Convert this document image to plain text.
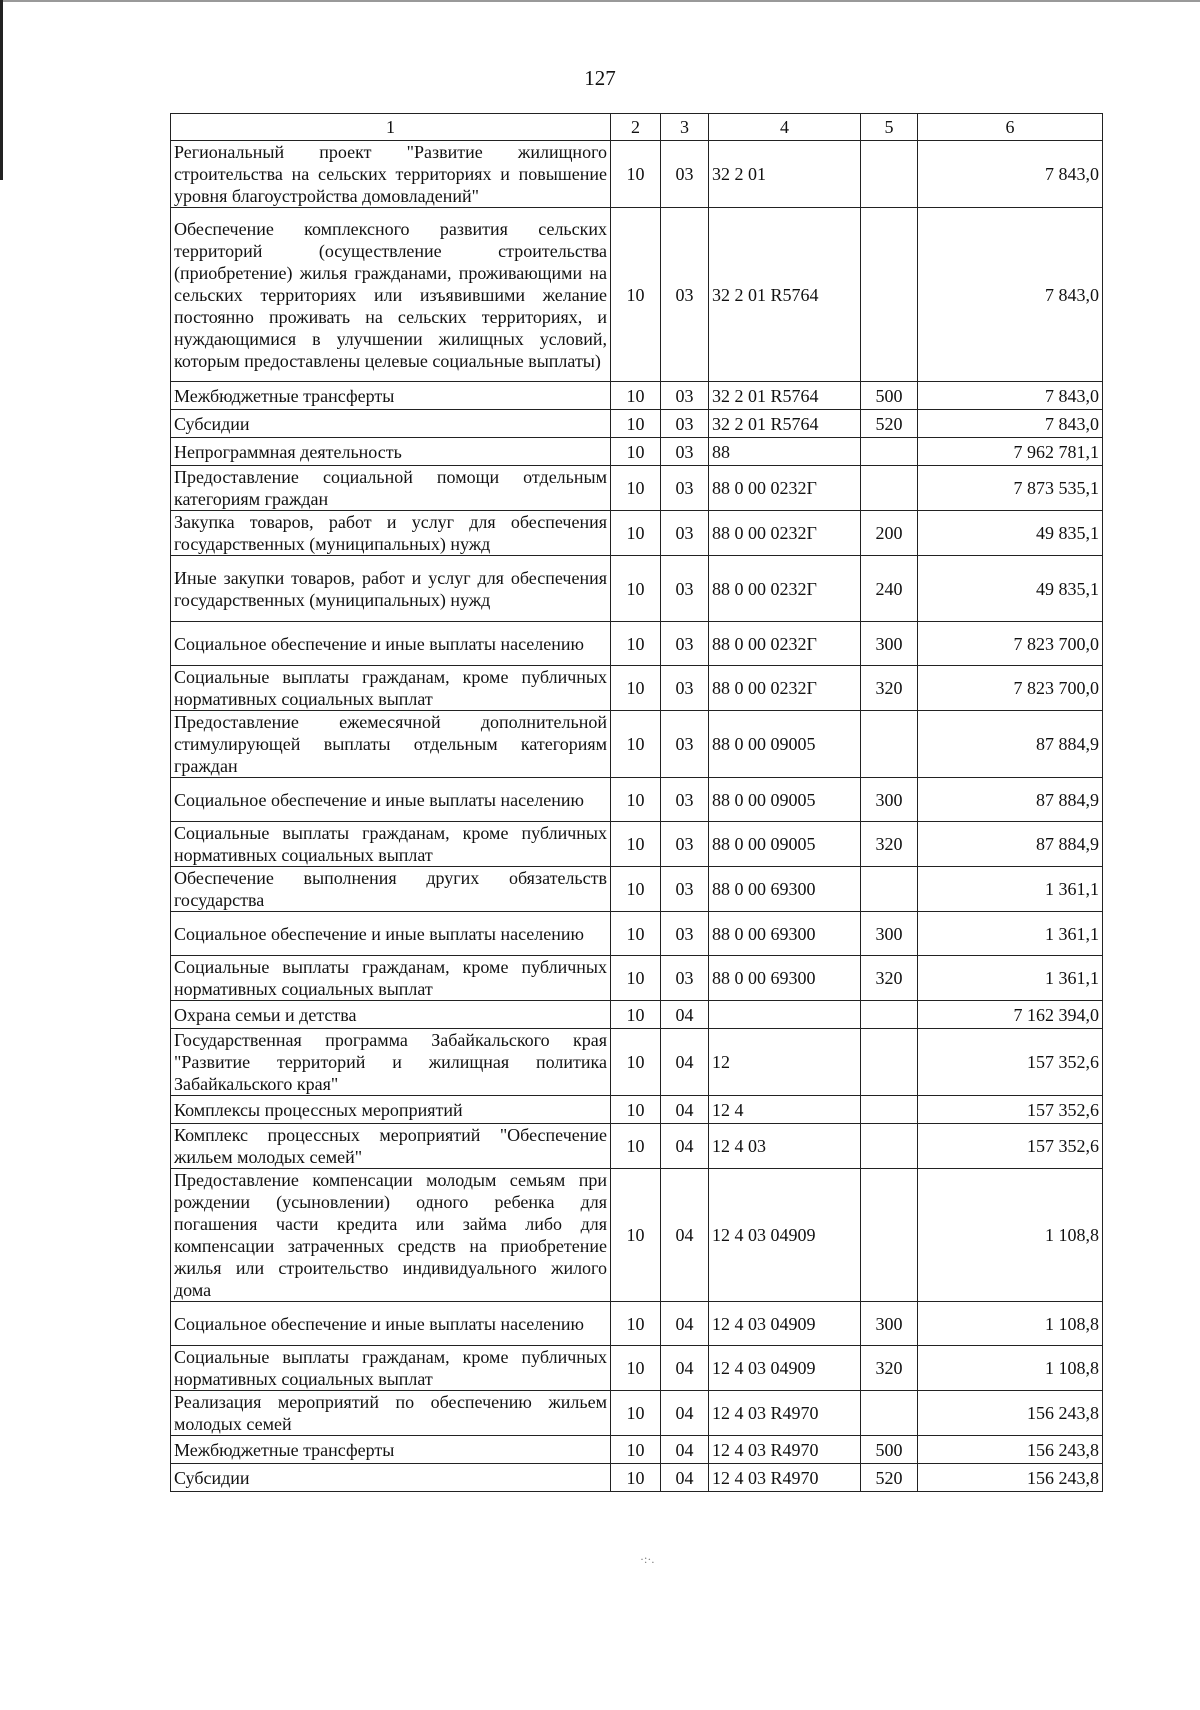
127
1	2	3	4	5	6
Региональный проект "Развитие жилищного строительства на сельских территориях и повышение уровня благоустройства домовладений"	10	03	32 2 01		7 843,0
Обеспечение комплексного развития сельских территорий (осуществление строительства (приобретение) жилья гражданами, проживающими на сельских территориях или изъявившими желание постоянно проживать на сельских территориях, и нуждающимися в улучшении жилищных условий, которым предоставлены целевые социальные выплаты)	10	03	32 2 01 R5764		7 843,0
Межбюджетные трансферты	10	03	32 2 01 R5764	500	7 843,0
Субсидии	10	03	32 2 01 R5764	520	7 843,0
Непрограммная деятельность	10	03	88		7 962 781,1
Предоставление социальной помощи отдельным категориям граждан	10	03	88 0 00 0232Г		7 873 535,1
Закупка товаров, работ и услуг для обеспечения государственных (муниципальных) нужд	10	03	88 0 00 0232Г	200	49 835,1
Иные закупки товаров, работ и услуг для обеспечения государственных (муниципальных) нужд	10	03	88 0 00 0232Г	240	49 835,1
Социальное обеспечение и иные выплаты населению	10	03	88 0 00 0232Г	300	7 823 700,0
Социальные выплаты гражданам, кроме публичных нормативных социальных выплат	10	03	88 0 00 0232Г	320	7 823 700,0
Предоставление ежемесячной дополнительной стимулирующей выплаты отдельным категориям граждан	10	03	88 0 00 09005		87 884,9
Социальное обеспечение и иные выплаты населению	10	03	88 0 00 09005	300	87 884,9
Социальные выплаты гражданам, кроме публичных нормативных социальных выплат	10	03	88 0 00 09005	320	87 884,9
Обеспечение выполнения других обязательств государства	10	03	88 0 00 69300		1 361,1
Социальное обеспечение и иные выплаты населению	10	03	88 0 00 69300	300	1 361,1
Социальные выплаты гражданам, кроме публичных нормативных социальных выплат	10	03	88 0 00 69300	320	1 361,1
Охрана семьи и детства	10	04			7 162 394,0
Государственная программа Забайкальского края "Развитие территорий и жилищная политика Забайкальского края"	10	04	12		157 352,6
Комплексы процессных мероприятий	10	04	12 4		157 352,6
Комплекс процессных мероприятий "Обеспечение жильем молодых семей"	10	04	12 4 03		157 352,6
Предоставление компенсации молодым семьям при рождении (усыновлении) одного ребенка для погашения части кредита или займа либо для компенсации затраченных средств на приобретение жилья или строительство индивидуального жилого дома	10	04	12 4 03 04909		1 108,8
Социальное обеспечение и иные выплаты населению	10	04	12 4 03 04909	300	1 108,8
Социальные выплаты гражданам, кроме публичных нормативных социальных выплат	10	04	12 4 03 04909	320	1 108,8
Реализация мероприятий по обеспечению жильем молодых семей	10	04	12 4 03 R4970		156 243,8
Межбюджетные трансферты	10	04	12 4 03 R4970	500	156 243,8
Субсидии	10	04	12 4 03 R4970	520	156 243,8
·:·.
